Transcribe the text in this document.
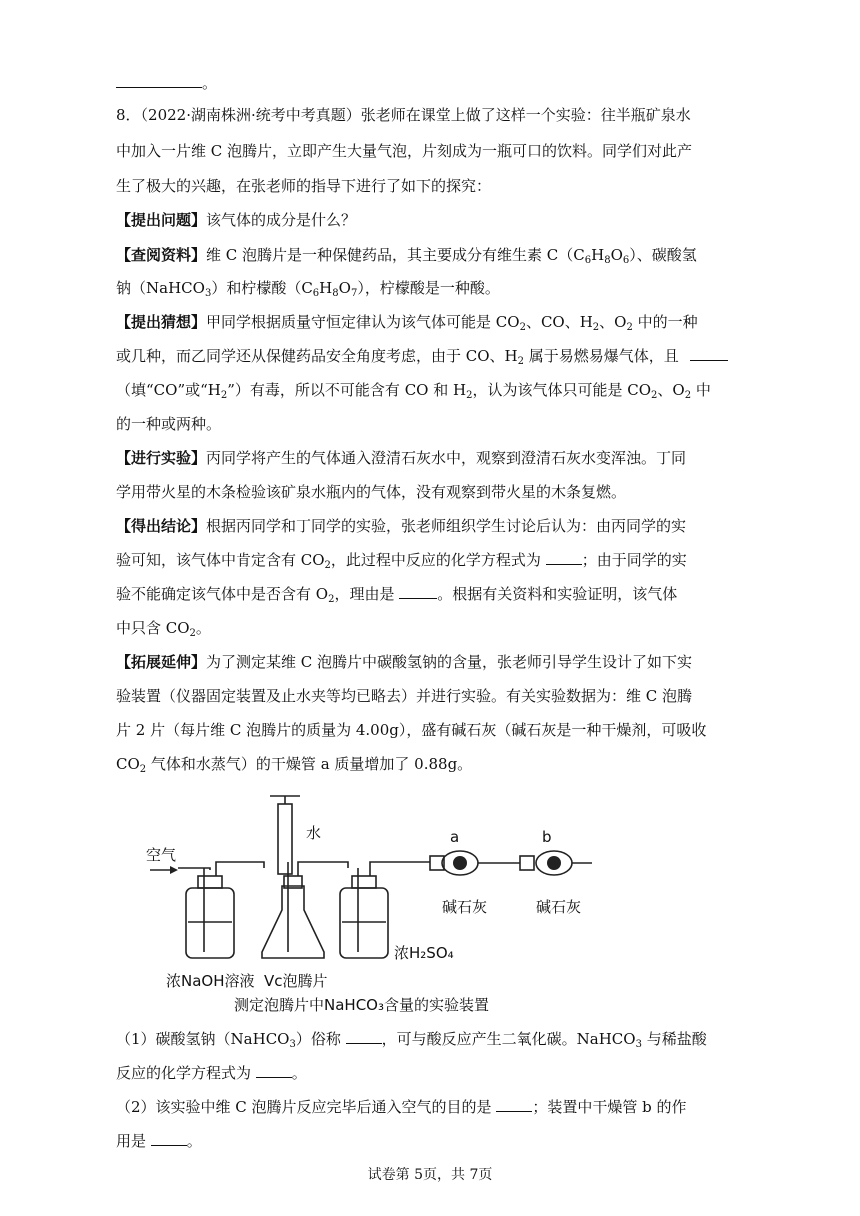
。
8．（2022·湖南株洲·统考中考真题）张老师在课堂上做了这样一个实验：往半瓶矿泉水
中加入一片维 C 泡腾片，立即产生大量气泡，片刻成为一瓶可口的饮料。同学们对此产
生了极大的兴趣，在张老师的指导下进行了如下的探究：
【提出问题】该气体的成分是什么？
【查阅资料】维 C 泡腾片是一种保健药品，其主要成分有维生素 $C(C_6H_8O_6)$、碳酸氢
钠（NaHCO$_3$）和柠檬酸$(C_6H_8O_7)$，柠檬酸是一种酸。
【提出猜想】甲同学根据质量守恒定律认为该气体可能是 $CO_2$、CO、$H_2$、$O_2$ 中的一种
或几种，而乙同学还从保健药品安全角度考虑，由于 CO、$H_2$ 属于易燃易爆气体，且
（填“CO”或“$H_2$”）有毒，所以不可能含有 CO 和 $H_2$，认为该气体只可能是 $CO_2$、$O_2$ 中
的一种或两种。
【进行实验】丙同学将产生的气体通入澄清石灰水中，观察到澄清石灰水变浑浊。丁同
学用带火星的木条检验该矿泉水瓶内的气体，没有观察到带火星的木条复燃。
【得出结论】根据丙同学和丁同学的实验，张老师组织学生讨论后认为：由丙同学的实
验可知，该气体中肯定含有 $CO_2$，此过程中反应的化学方程式为	；由于同学的实
验不能确定该气体中是否含有 $O_2$，理由是	。根据有关资料和实验证明，该气体
中只含 $CO_2$。
【拓展延伸】为了测定某维 C 泡腾片中碳酸氢钠的含量，张老师引导学生设计了如下实
验装置（仪器固定装置及止水夹等均已略去）并进行实验。有关实验数据为：维 C 泡腾
片 2 片（每片维 C 泡腾片的质量为 4.00g），盛有碱石灰（碱石灰是一种干燥剂，可吸收
$CO_2$ 气体和水蒸气）的干燥管 a 质量增加了 0.88g。
空气
水	a	b
碱石灰	碱石灰
浓NaOH溶液 Vc泡腾片
浓H₂SO₄
测定泡腾片中NaHCO₃含量的实验装置
（1）碳酸氢钠（NaHCO$_3$）俗称	，可与酸反应产生二氧化碳。NaHCO$_3$ 与稀盐酸
反应的化学方程式为	。
（2）该实验中维 C 泡腾片反应完毕后通入空气的目的是	；装置中干燥管 b 的作
用是	。
试卷第 5页，共 7页
